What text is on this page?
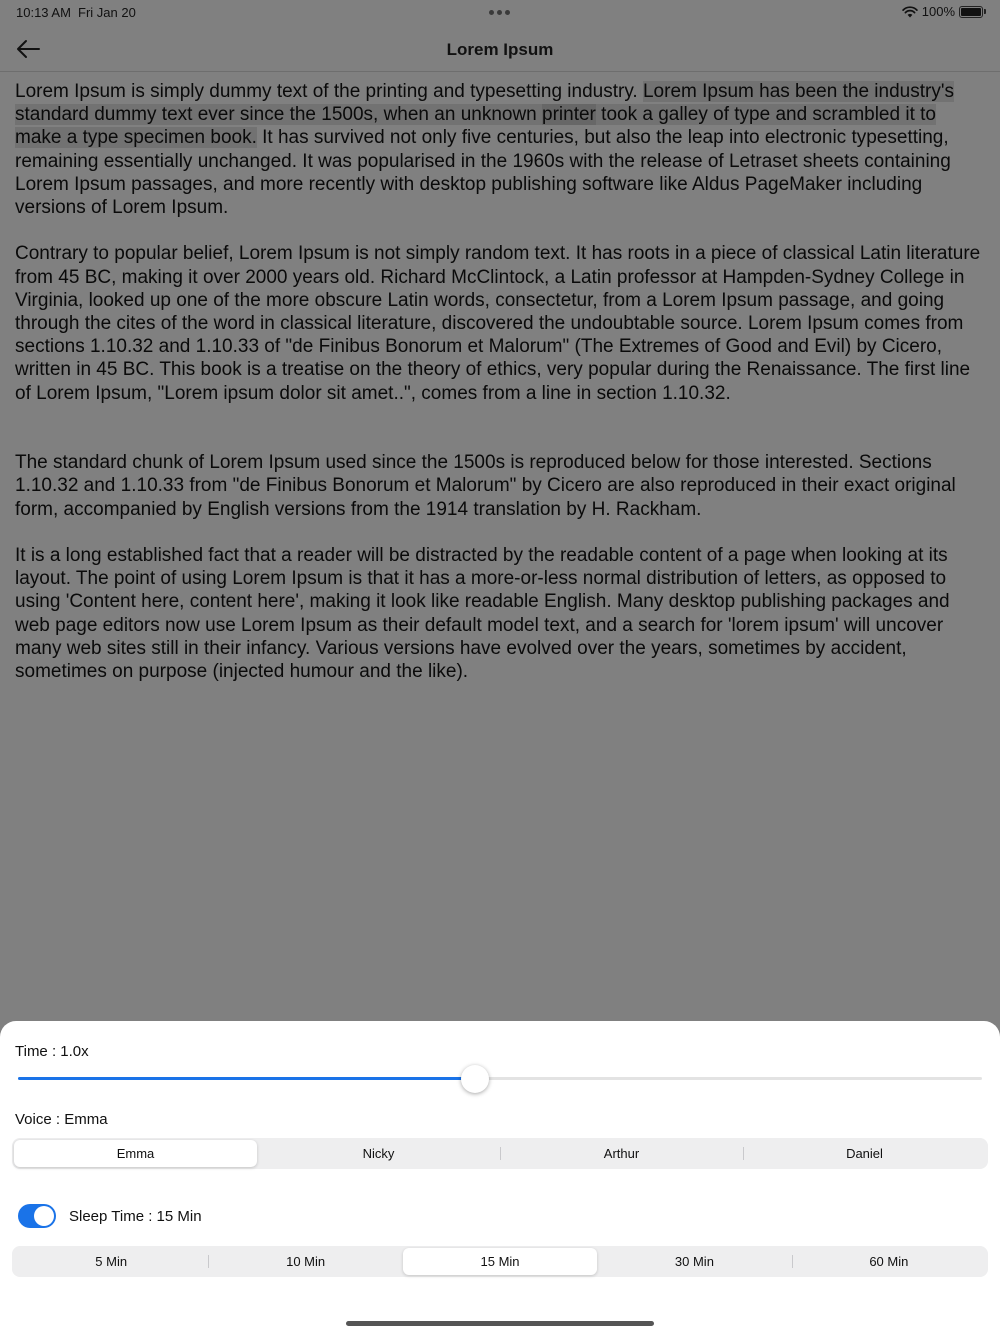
10:13 AM Fri Jan 20	100%
Lorem Ipsum

Lorem Ipsum is simply dummy text of the printing and typesetting industry. Lorem Ipsum has been the industry's standard dummy text ever since the 1500s, when an unknown printer took a galley of type and scrambled it to make a type specimen book. It has survived not only five centuries, but also the leap into electronic typesetting, remaining essentially unchanged. It was popularised in the 1960s with the release of Letraset sheets containing Lorem Ipsum passages, and more recently with desktop publishing software like Aldus PageMaker including versions of Lorem Ipsum.

Contrary to popular belief, Lorem Ipsum is not simply random text. It has roots in a piece of classical Latin literature from 45 BC, making it over 2000 years old. Richard McClintock, a Latin professor at Hampden-Sydney College in Virginia, looked up one of the more obscure Latin words, consectetur, from a Lorem Ipsum passage, and going through the cites of the word in classical literature, discovered the undoubtable source. Lorem Ipsum comes from sections 1.10.32 and 1.10.33 of "de Finibus Bonorum et Malorum" (The Extremes of Good and Evil) by Cicero, written in 45 BC. This book is a treatise on the theory of ethics, very popular during the Renaissance. The first line of Lorem Ipsum, "Lorem ipsum dolor sit amet..", comes from a line in section 1.10.32.

The standard chunk of Lorem Ipsum used since the 1500s is reproduced below for those interested. Sections 1.10.32 and 1.10.33 from "de Finibus Bonorum et Malorum" by Cicero are also reproduced in their exact original form, accompanied by English versions from the 1914 translation by H. Rackham.

It is a long established fact that a reader will be distracted by the readable content of a page when looking at its layout. The point of using Lorem Ipsum is that it has a more-or-less normal distribution of letters, as opposed to using 'Content here, content here', making it look like readable English. Many desktop publishing packages and web page editors now use Lorem Ipsum as their default model text, and a search for 'lorem ipsum' will uncover many web sites still in their infancy. Various versions have evolved over the years, sometimes by accident, sometimes on purpose (injected humour and the like).

Time : 1.0x
Voice : Emma
Emma	Nicky	Arthur	Daniel
Sleep Time : 15 Min
5 Min	10 Min	15 Min	30 Min	60 Min
